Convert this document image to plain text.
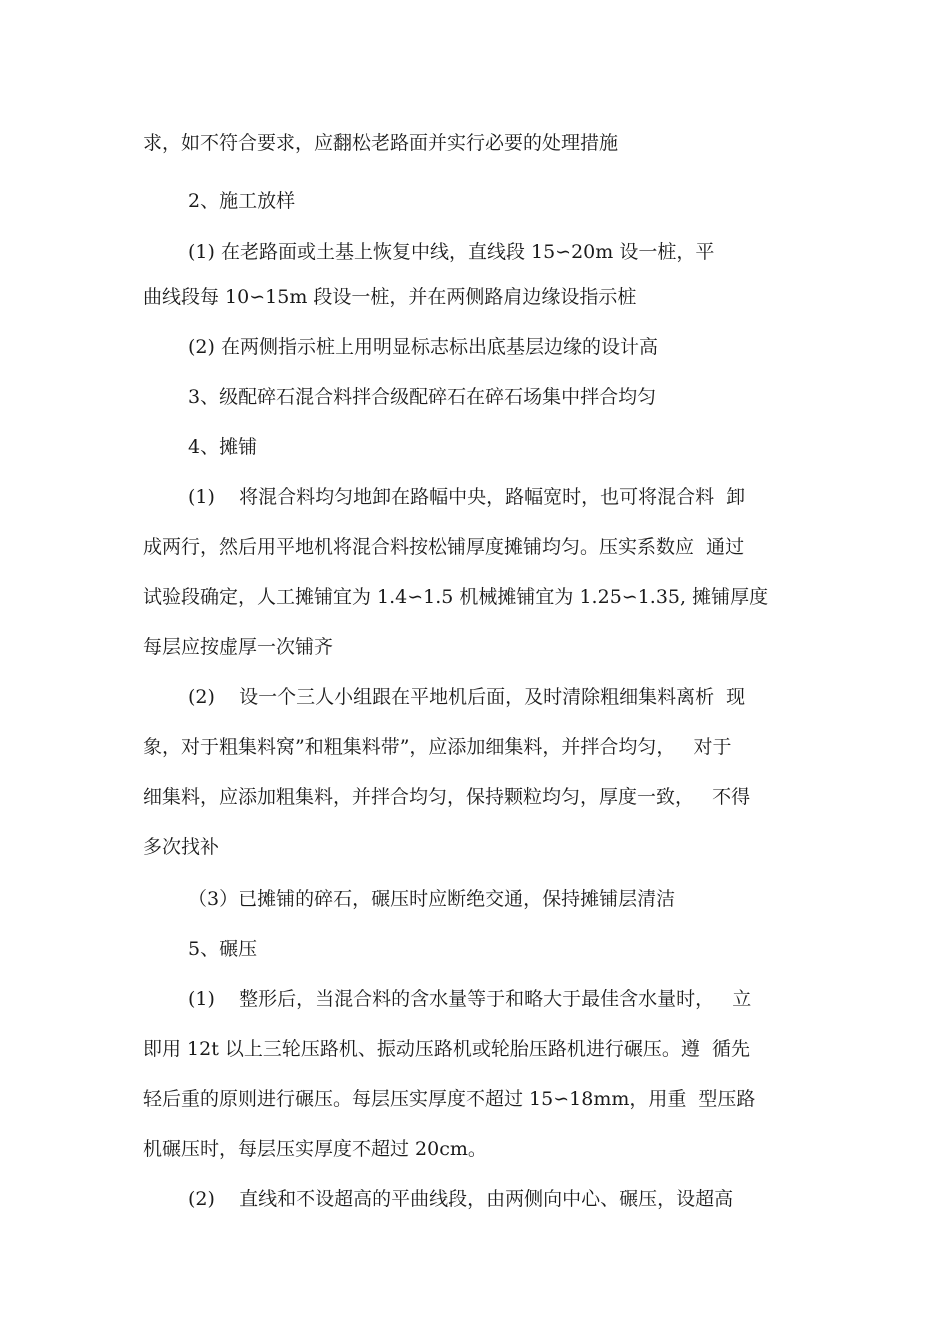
求，如不符合要求，应翻松老路面并实行必要的处理措施
2、施工放样
(1) 在老路面或土基上恢复中线，直线段 15∽20m 设一桩，平
曲线段每 10∽15m 段设一桩，并在两侧路肩边缘设指示桩
(2) 在两侧指示桩上用明显标志标出底基层边缘的设计高
3、级配碎石混合料拌合级配碎石在碎石场集中拌合均匀
4、摊铺
(1)    将混合料均匀地卸在路幅中央，路幅宽时，也可将混合料  卸
成两行，然后用平地机将混合料按松铺厚度摊铺均匀。压实系数应  通过
试验段确定，人工摊铺宜为 1.4∽1.5 机械摊铺宜为 1.25∽1.35, 摊铺厚度
每层应按虚厚一次铺齐
(2)    设一个三人小组跟在平地机后面，及时清除粗细集料离析  现
象，对于粗集料窝”和粗集料带”，应添加细集料，并拌合均匀，   对于
细集料，应添加粗集料，并拌合均匀，保持颗粒均匀，厚度一致，   不得
多次找补
（3）已摊铺的碎石，碾压时应断绝交通，保持摊铺层清洁
5、碾压
(1)    整形后，当混合料的含水量等于和略大于最佳含水量时，   立
即用 12t 以上三轮压路机、振动压路机或轮胎压路机进行碾压。遵  循先
轻后重的原则进行碾压。每层压实厚度不超过 15∽18mm，用重  型压路
机碾压时，每层压实厚度不超过 20cm。
(2)    直线和不设超高的平曲线段，由两侧向中心、碾压，设超高
